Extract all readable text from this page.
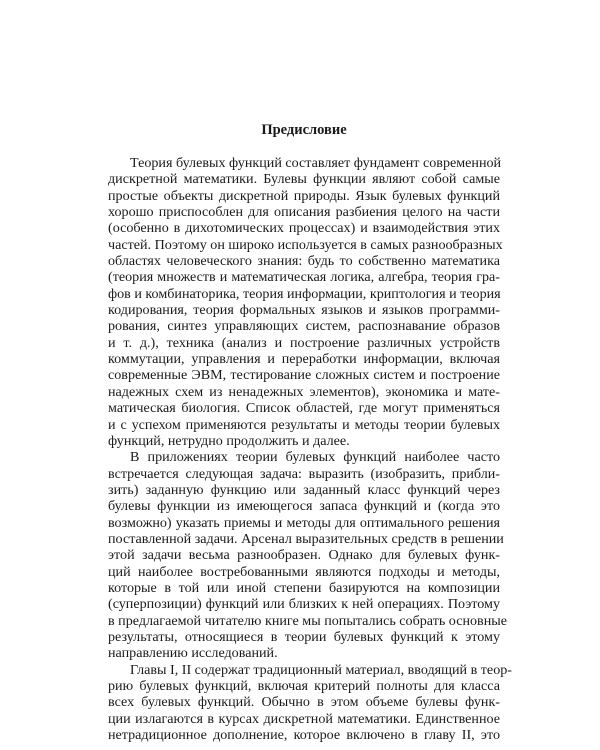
Предисловие

Теория булевых функций составляет фундамент современной
дискретной математики. Булевы функции являют собой самые
простые объекты дискретной природы. Язык булевых функций
хорошо приспособлен для описания разбиения целого на части
(особенно в дихотомических процессах) и взаимодействия этих
частей. Поэтому он широко используется в самых разнообразных
областях человеческого знания: будь то собственно математика
(теория множеств и математическая логика, алгебра, теория гра-
фов и комбинаторика, теория информации, криптология и теория
кодирования, теория формальных языков и языков программи-
рования, синтез управляющих систем, распознавание образов
и т. д.), техника (анализ и построение различных устройств
коммутации, управления и переработки информации, включая
современные ЭВМ, тестирование сложных систем и построение
надежных схем из ненадежных элементов), экономика и мате-
матическая биология. Список областей, где могут применяться
и с успехом применяются результаты и методы теории булевых
функций, нетрудно продолжить и далее.

В приложениях теории булевых функций наиболее часто
встречается следующая задача: выразить (изобразить, прибли-
зить) заданную функцию или заданный класс функций через
булевы функции из имеющегося запаса функций и (когда это
возможно) указать приемы и методы для оптимального решения
поставленной задачи. Арсенал выразительных средств в решении
этой задачи весьма разнообразен. Однако для булевых функ-
ций наиболее востребованными являются подходы и методы,
которые в той или иной степени базируются на композиции
(суперпозиции) функций или близких к ней операциях. Поэтому
в предлагаемой читателю книге мы попытались собрать основные
результаты, относящиеся в теории булевых функций к этому
направлению исследований.

Главы I, II содержат традиционный материал, вводящий в теор-
рию булевых функций, включая критерий полноты для класса
всех булевых функций. Обычно в этом объеме булевы функ-
ции излагаются в курсах дискретной математики. Единственное
нетрадиционное дополнение, которое включено в главу II, это
